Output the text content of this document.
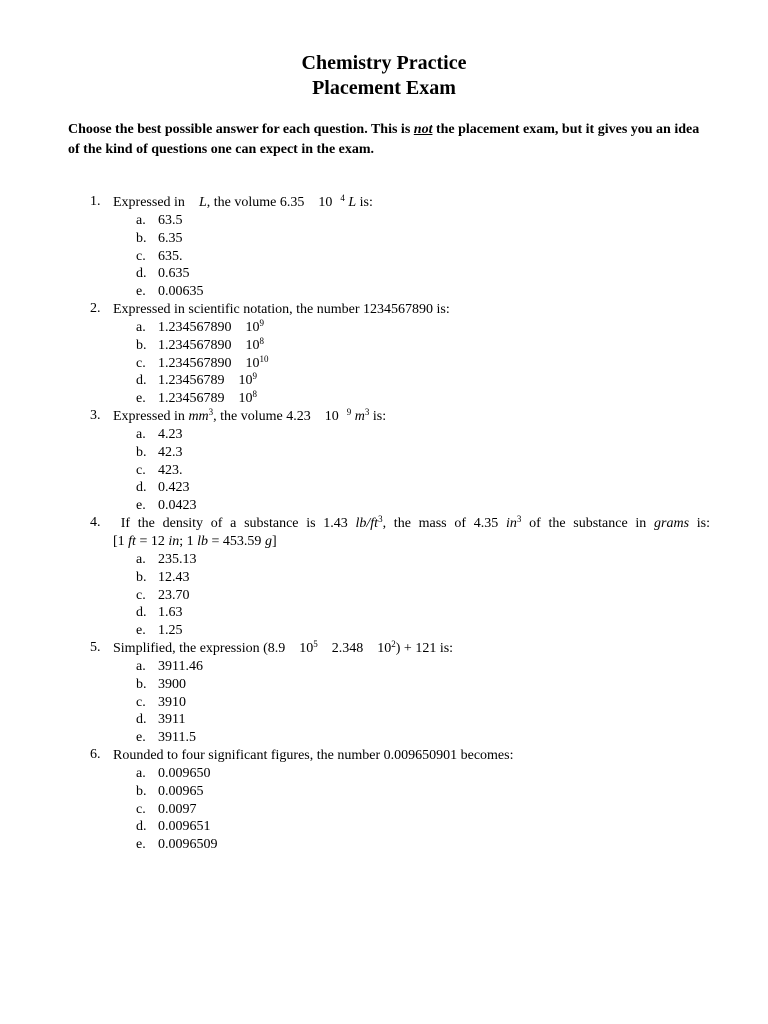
Chemistry Practice
Placement Exam
Choose the best possible answer for each question. This is not the placement exam, but it gives you an idea of the kind of questions one can expect in the exam.
1. Expressed in L, the volume 6.35 10 $^4$ L is:
a. 63.5
b. 6.35
c. 635.
d. 0.635
e. 0.00635
2. Expressed in scientific notation, the number 1234567890 is:
a. 1.234567890 $10^9$
b. 1.234567890 $10^8$
c. 1.234567890 $10^{10}$
d. 1.23456789 $10^9$
e. 1.23456789 $10^8$
3. Expressed in $mm^3$, the volume 4.23 10 $^9$ $m^3$ is:
a. 4.23
b. 42.3
c. 423.
d. 0.423
e. 0.0423
4.	If the density of a substance is 1.43 $lb/ft^3$, the mass of 4.35 $in^3$ of the substance in grams is:
[1 ft = 12 in; 1 lb = 453.59 g]
a. 235.13
b. 12.43
c. 23.70
d. 1.63
e. 1.25
5. Simplified, the expression (8.9 $10^5$ 2.348 $10^2) + 121$ is:
a. 3911.46
b. 3900
c. 3910
d. 3911
e. 3911.5
6. Rounded to four significant figures, the number 0.009650901 becomes:
a. 0.009650
b. 0.00965
c. 0.0097
d. 0.009651
e. 0.0096509
